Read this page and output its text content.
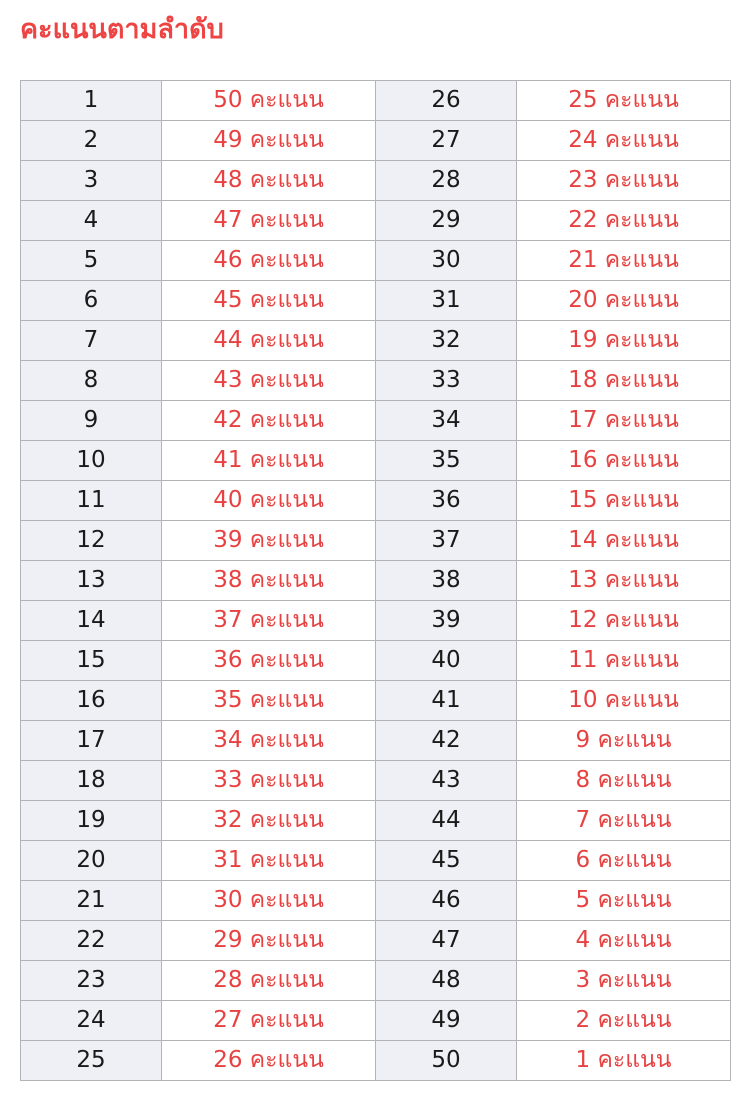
คะแนนตามลำดับ
1	50 คะแนน	26	25 คะแนน
2	49 คะแนน	27	24 คะแนน
3	48 คะแนน	28	23 คะแนน
4	47 คะแนน	29	22 คะแนน
5	46 คะแนน	30	21 คะแนน
6	45 คะแนน	31	20 คะแนน
7	44 คะแนน	32	19 คะแนน
8	43 คะแนน	33	18 คะแนน
9	42 คะแนน	34	17 คะแนน
10	41 คะแนน	35	16 คะแนน
11	40 คะแนน	36	15 คะแนน
12	39 คะแนน	37	14 คะแนน
13	38 คะแนน	38	13 คะแนน
14	37 คะแนน	39	12 คะแนน
15	36 คะแนน	40	11 คะแนน
16	35 คะแนน	41	10 คะแนน
17	34 คะแนน	42	9 คะแนน
18	33 คะแนน	43	8 คะแนน
19	32 คะแนน	44	7 คะแนน
20	31 คะแนน	45	6 คะแนน
21	30 คะแนน	46	5 คะแนน
22	29 คะแนน	47	4 คะแนน
23	28 คะแนน	48	3 คะแนน
24	27 คะแนน	49	2 คะแนน
25	26 คะแนน	50	1 คะแนน
